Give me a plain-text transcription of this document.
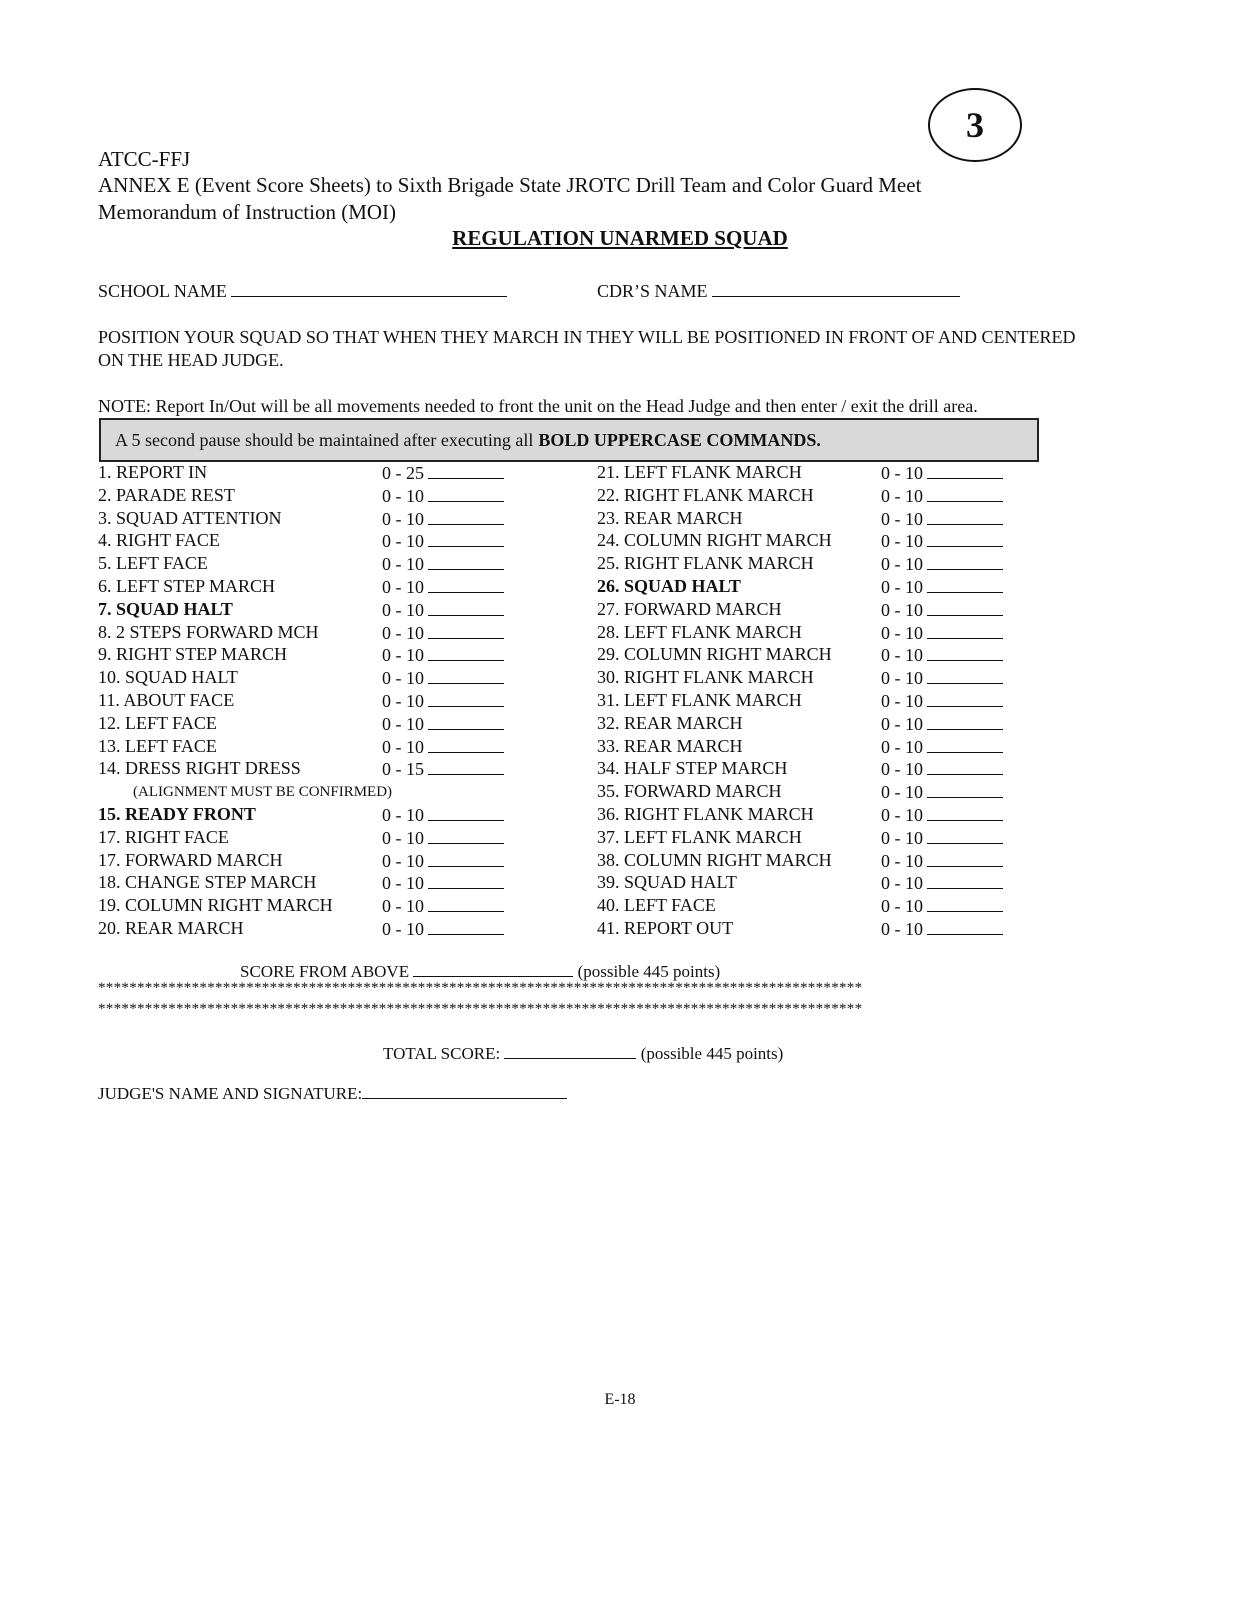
3
ATCC-FFJ
ANNEX E (Event Score Sheets) to Sixth Brigade State JROTC Drill Team and Color Guard Meet
Memorandum of Instruction (MOI)
REGULATION UNARMED SQUAD
SCHOOL NAME	CDR’S NAME
POSITION YOUR SQUAD SO THAT WHEN THEY MARCH IN THEY WILL BE POSITIONED IN FRONT OF AND CENTERED ON THE HEAD JUDGE.
NOTE: Report In/Out will be all movements needed to front the unit on the Head Judge and then enter / exit the drill area.
A 5 second pause should be maintained after executing all BOLD UPPERCASE COMMANDS.
1. REPORT IN	0 - 25
2. PARADE REST	0 - 10
3. SQUAD ATTENTION	0 - 10
4. RIGHT FACE	0 - 10
5. LEFT FACE	0 - 10
6. LEFT STEP MARCH	0 - 10
7. SQUAD HALT	0 - 10
8. 2 STEPS FORWARD MCH	0 - 10
9. RIGHT STEP MARCH	0 - 10
10. SQUAD HALT	0 - 10
11. ABOUT FACE	0 - 10
12. LEFT FACE	0 - 10
13. LEFT FACE	0 - 10
14. DRESS RIGHT DRESS	0 - 15
15. READY FRONT	0 - 10
17. RIGHT FACE	0 - 10
17. FORWARD MARCH	0 - 10
18. CHANGE STEP MARCH	0 - 10
19. COLUMN RIGHT MARCH	0 - 10
20. REAR MARCH	0 - 10
21. LEFT FLANK MARCH	0 - 10
22. RIGHT FLANK MARCH	0 - 10
23. REAR MARCH	0 - 10
24. COLUMN RIGHT MARCH	0 - 10
25. RIGHT FLANK MARCH	0 - 10
26. SQUAD HALT	0 - 10
27. FORWARD MARCH	0 - 10
28. LEFT FLANK MARCH	0 - 10
29. COLUMN RIGHT MARCH	0 - 10
30. RIGHT FLANK MARCH	0 - 10
31. LEFT FLANK MARCH	0 - 10
32. REAR MARCH	0 - 10
33. REAR MARCH	0 - 10
34. HALF STEP MARCH	0 - 10
35. FORWARD MARCH	0 - 10
36. RIGHT FLANK MARCH	0 - 10
37. LEFT FLANK MARCH	0 - 10
38. COLUMN RIGHT MARCH	0 - 10
39. SQUAD HALT	0 - 10
40. LEFT FACE	0 - 10
41. REPORT OUT	0 - 10
(ALIGNMENT MUST BE CONFIRMED)
SCORE FROM ABOVE	(possible 445 points)
**************************************************************************************************
**************************************************************************************************
TOTAL SCORE:	(possible 445 points)
JUDGE'S NAME AND SIGNATURE:
E-18
